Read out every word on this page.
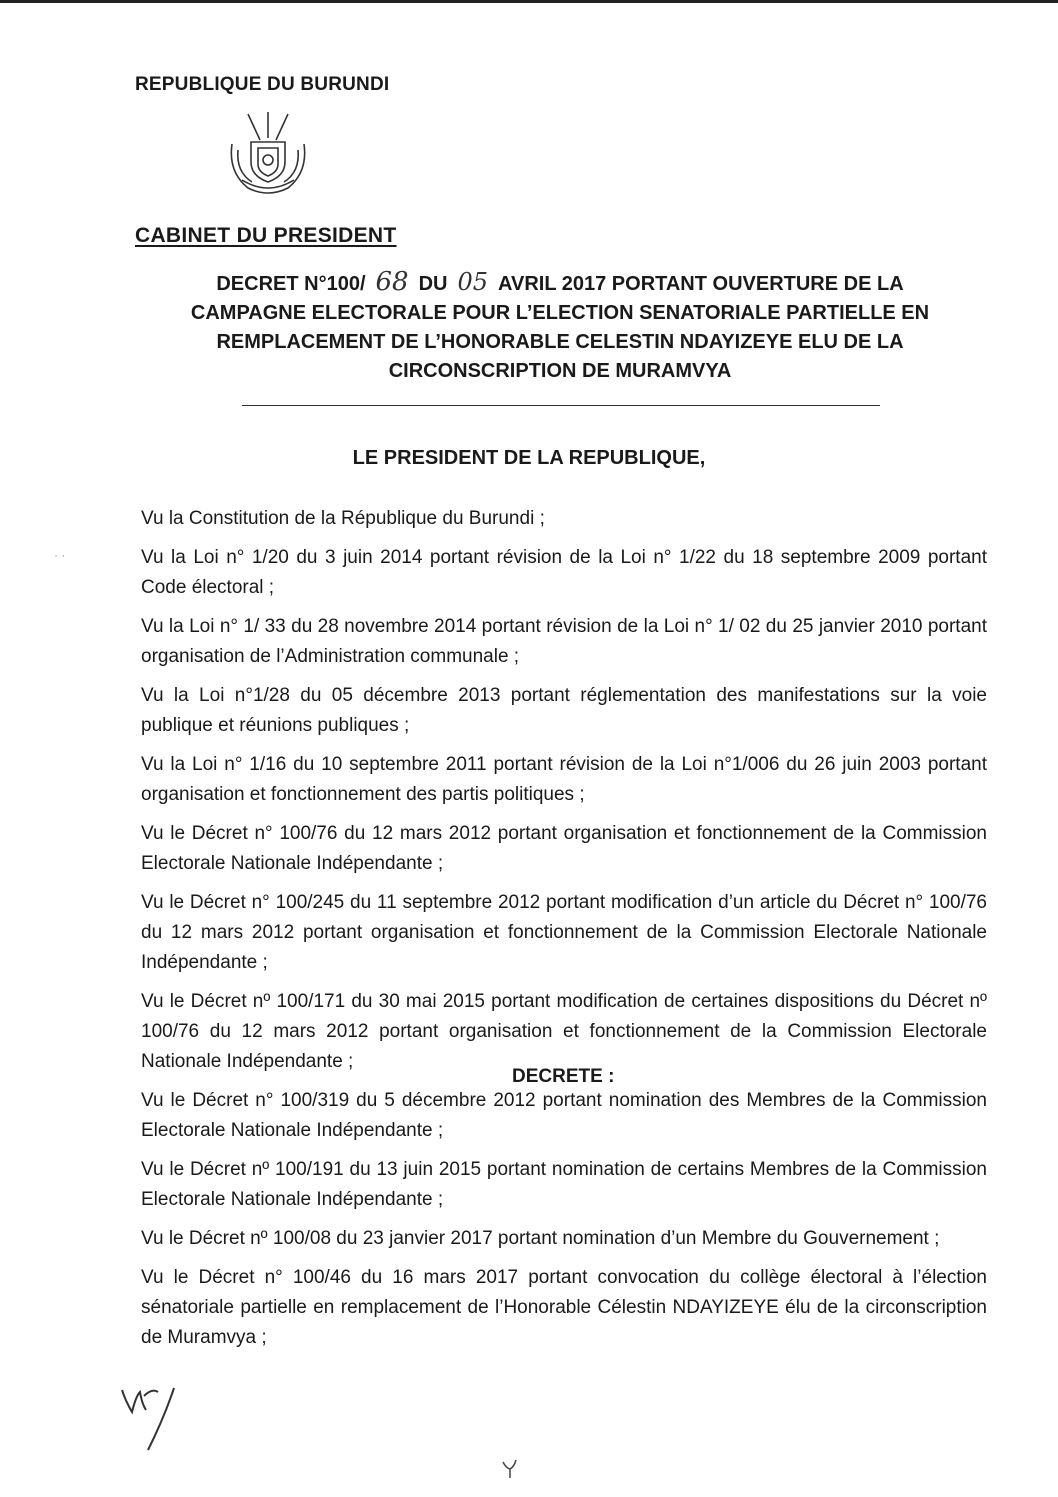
REPUBLIQUE DU BURUNDI
CABINET DU PRESIDENT
DECRET N°100/ 68 DU 05 AVRIL 2017 PORTANT OUVERTURE DE LA
CAMPAGNE ELECTORALE POUR L’ELECTION SENATORIALE PARTIELLE EN
REMPLACEMENT DE L’HONORABLE CELESTIN NDAYIZEYE ELU DE LA
CIRCONSCRIPTION DE MURAMVYA
LE PRESIDENT DE LA REPUBLIQUE,
Vu la Constitution de la République du Burundi ;
Vu la Loi n° 1/20 du 3 juin 2014 portant révision de la Loi n° 1/22 du 18 septembre 2009 portant Code électoral ;
Vu la Loi n° 1/ 33 du 28 novembre 2014 portant révision de la Loi n° 1/ 02 du 25 janvier 2010 portant organisation de l’Administration communale ;
Vu la Loi n°1/28 du 05 décembre 2013 portant réglementation des manifestations sur la voie publique et réunions publiques ;
Vu la Loi n° 1/16 du 10 septembre 2011 portant révision de la Loi n°1/006 du 26 juin 2003 portant organisation et fonctionnement des partis politiques ;
Vu le Décret n° 100/76 du 12 mars 2012 portant organisation et fonctionnement de la Commission Electorale Nationale Indépendante ;
Vu le Décret n° 100/245 du 11 septembre 2012 portant modification d’un article du Décret n° 100/76 du 12 mars 2012 portant organisation et fonctionnement de la Commission Electorale Nationale Indépendante ;
Vu le Décret nº 100/171 du 30 mai 2015 portant modification de certaines dispositions du Décret nº 100/76 du 12 mars 2012 portant organisation et fonctionnement de la Commission Electorale Nationale Indépendante ;
Vu le Décret n° 100/319 du 5 décembre 2012 portant nomination des Membres de la Commission Electorale Nationale Indépendante ;
Vu le Décret nº 100/191 du 13 juin 2015 portant nomination de certains Membres de la Commission Electorale Nationale Indépendante ;
Vu le Décret nº 100/08 du 23 janvier 2017 portant nomination d’un Membre du Gouvernement ;
Vu le Décret n° 100/46 du 16 mars 2017 portant convocation du collège électoral à l’élection sénatoriale partielle en remplacement de l’Honorable Célestin NDAYIZEYE élu de la circonscription de Muramvya ;
DECRETE :
· ·
